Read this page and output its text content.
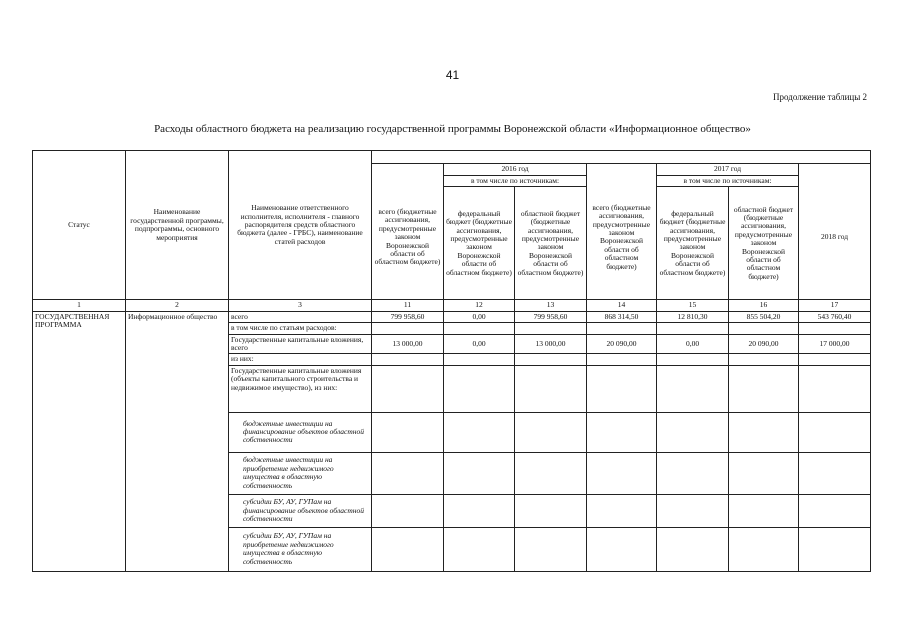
41
Продолжение таблицы 2
Расходы областного бюджета на реализацию государственной программы Воронежской области «Информационное общество»
Статус	Наименование государственной программы, подпрограммы, основного мероприятия	Наименование ответственного исполнителя, исполнителя - главного распорядителя средств областного бюджета (далее - ГРБС), наименование статей расходов							
				2016 год			2017 год		
			всего (бюджетные ассигнования, предусмотренные законом Воронежской области об областном бюджете)	в том числе по источникам:		всего (бюджетные ассигнования, предусмотренные законом Воронежской области об областном бюджете)	в том числе по источникам:		2018 год
				федеральный бюджет (бюджетные ассигнования, предусмотренные законом Воронежской области об областном бюджете)	областной бюджет (бюджетные ассигнования, предусмотренные законом Воронежской области об областном бюджете)		федеральный бюджет (бюджетные ассигнования, предусмотренные законом Воронежской области об областном бюджете)	областной бюджет (бюджетные ассигнования, предусмотренные законом Воронежской области об областном бюджете)	
1	2	3	11	12	13	14	15	16	17
ГОСУДАРСТВЕННАЯ ПРОГРАММА	Информационное общество	всего	799 958,60	0,00	799 958,60	868 314,50	12 810,30	855 504,20	543 760,40
		в том числе по статьям расходов:							
		Государственные капитальные вложения, всего	13 000,00	0,00	13 000,00	20 090,00	0,00	20 090,00	17 000,00
		из них:							
		Государственные капитальные вложения (объекты капитального строительства и недвижимое имущество), из них:							
		бюджетные инвестиции на финансирование объектов областной собственности							
		бюджетные инвестиции на приобретение недвижимого имущества в областную собственность							
		субсидии БУ, АУ, ГУПам на финансирование объектов областной собственности							
		субсидии БУ, АУ, ГУПам на приобретение недвижимого имущества в областную собственность							
